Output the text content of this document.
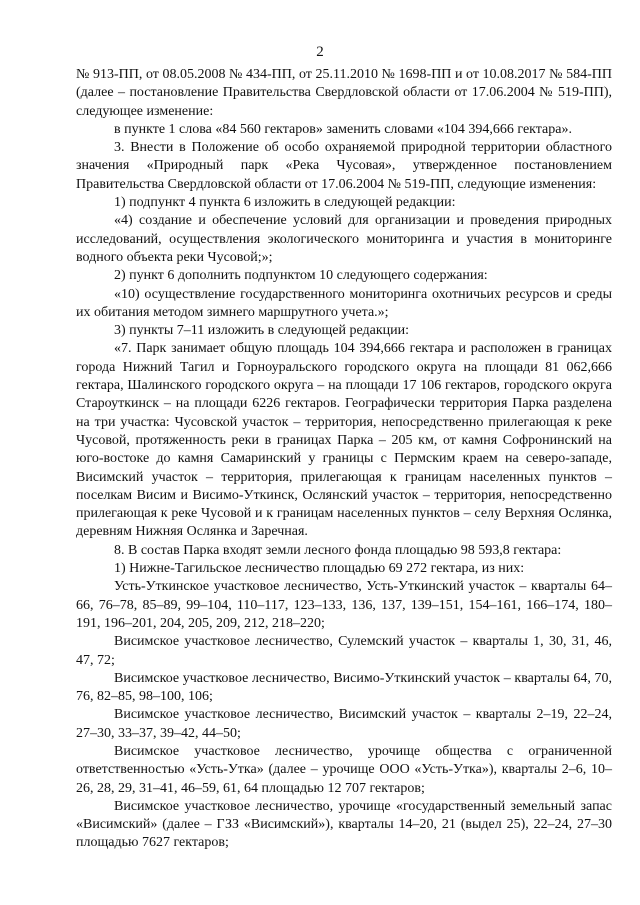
2

№ 913-ПП, от 08.05.2008 № 434-ПП, от 25.11.2010 № 1698-ПП и от 10.08.2017 № 584-ПП (далее – постановление Правительства Свердловской области от 17.06.2004 № 519-ПП), следующее изменение:

в пункте 1 слова «84 560 гектаров» заменить словами «104 394,666 гектара».

3. Внести в Положение об особо охраняемой природной территории областного значения «Природный парк «Река Чусовая», утвержденное постановлением Правительства Свердловской области от 17.06.2004 № 519-ПП, следующие изменения:

1) подпункт 4 пункта 6 изложить в следующей редакции:

«4) создание и обеспечение условий для организации и проведения природных исследований, осуществления экологического мониторинга и участия в мониторинге водного объекта реки Чусовой;»;

2) пункт 6 дополнить подпунктом 10 следующего содержания:

«10) осуществление государственного мониторинга охотничьих ресурсов и среды их обитания методом зимнего маршрутного учета.»;

3) пункты 7–11 изложить в следующей редакции:

«7. Парк занимает общую площадь 104 394,666 гектара и расположен в границах города Нижний Тагил и Горноуральского городского округа на площади 81 062,666 гектара, Шалинского городского округа – на площади 17 106 гектаров, городского округа Староуткинск – на площади 6226 гектаров. Географически территория Парка разделена на три участка: Чусовской участок – территория, непосредственно прилегающая к реке Чусовой, протяженность реки в границах Парка – 205 км, от камня Софронинский на юго-востоке до камня Самаринский у границы с Пермским краем на северо-западе, Висимский участок – территория, прилегающая к границам населенных пунктов – поселкам Висим и Висимо-Уткинск, Ослянский участок – территория, непосредственно прилегающая к реке Чусовой и к границам населенных пунктов – селу Верхняя Ослянка, деревням Нижняя Ослянка и Заречная.

8. В состав Парка входят земли лесного фонда площадью 98 593,8 гектара:

1) Нижне-Тагильское лесничество площадью 69 272 гектара, из них:

Усть-Уткинское участковое лесничество, Усть-Уткинский участок – кварталы 64–66, 76–78, 85–89, 99–104, 110–117, 123–133, 136, 137, 139–151, 154–161, 166–174, 180–191, 196–201, 204, 205, 209, 212, 218–220;

Висимское участковое лесничество, Сулемский участок – кварталы 1, 30, 31, 46, 47, 72;

Висимское участковое лесничество, Висимо-Уткинский участок – кварталы 64, 70, 76, 82–85, 98–100, 106;

Висимское участковое лесничество, Висимский участок – кварталы 2–19, 22–24, 27–30, 33–37, 39–42, 44–50;

Висимское участковое лесничество, урочище общества с ограниченной ответственностью «Усть-Утка» (далее – урочище ООО «Усть-Утка»), кварталы 2–6, 10–26, 28, 29, 31–41, 46–59, 61, 64 площадью 12 707 гектаров;

Висимское участковое лесничество, урочище «государственный земельный запас «Висимский» (далее – ГЗЗ «Висимский»), кварталы 14–20, 21 (выдел 25), 22–24, 27–30 площадью 7627 гектаров;
